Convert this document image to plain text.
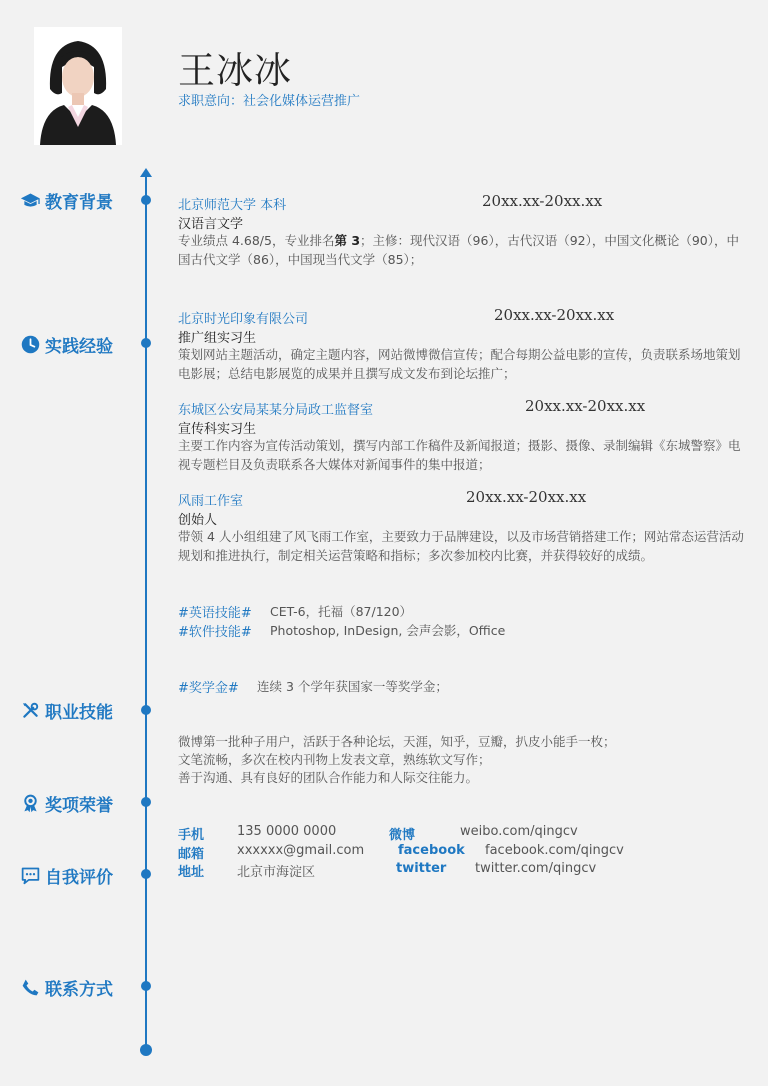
王冰冰
求职意向：社会化媒体运营推广
教育背景
实践经验
职业技能
奖项荣誉
自我评价
联系方式
北京师范大学 本科	20xx.xx-20xx.xx
汉语言文学
专业绩点 4.68/5，专业排名第 3；主修：现代汉语（96），古代汉语（92），中国文化概论（90），中国古代文学（86），中国现当代文学（85）；
北京时光印象有限公司	20xx.xx-20xx.xx
推广组实习生
策划网站主题活动，确定主题内容，网站微博微信宣传；配合每期公益电影的宣传，负责联系场地策划电影展；总结电影展览的成果并且撰写成文发布到论坛推广；
东城区公安局某某分局政工监督室	20xx.xx-20xx.xx
宣传科实习生
主要工作内容为宣传活动策划，撰写内部工作稿件及新闻报道；摄影、摄像、录制编辑《东城警察》电视专题栏目及负责联系各大媒体对新闻事件的集中报道；
风雨工作室	20xx.xx-20xx.xx
创始人
带领 4 人小组组建了风飞雨工作室，主要致力于品牌建设，以及市场营销搭建工作；网站常态运营活动规划和推进执行，制定相关运营策略和指标；多次参加校内比赛，并获得较好的成绩。
#英语技能# CET-6，托福（87/120）
#软件技能# Photoshop, InDesign, 会声会影，Office
#奖学金# 连续 3 个学年获国家一等奖学金；
微博第一批种子用户，活跃于各种论坛，天涯，知乎，豆瓣，扒皮小能手一枚；
文笔流畅，多次在校内刊物上发表文章，熟练软文写作；
善于沟通、具有良好的团队合作能力和人际交往能力。
手机	135 0000 0000	微博	weibo.com/qingcv
邮箱	xxxxxx@gmail.com	facebook facebook.com/qingcv
地址	北京市海淀区	twitter twitter.com/qingcv
